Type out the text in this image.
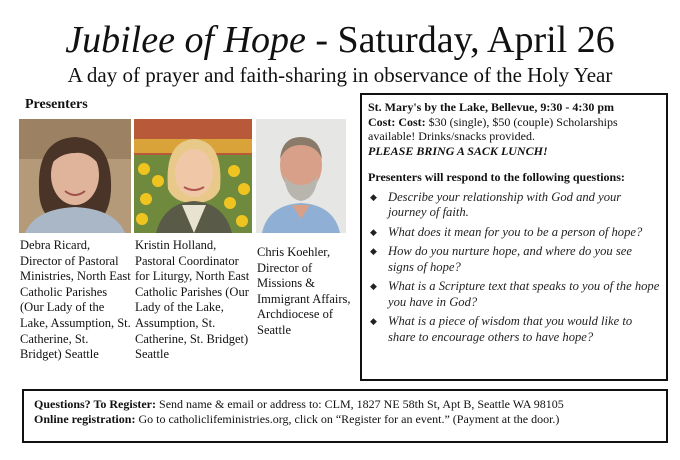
Jubilee of Hope - Saturday, April 26
A day of prayer and faith-sharing in observance of the Holy Year
Presenters
Debra Ricard, Director of Pastoral Ministries, North East Catholic Parishes (Our Lady of the Lake, Assumption, St. Catherine, St. Bridget) Seattle
Kristin Holland, Pastoral Coordinator for Liturgy, North East Catholic Parishes (Our Lady of the Lake, Assumption, St. Catherine, St. Bridget) Seattle
Chris Koehler, Director of Missions & Immigrant Affairs, Archdiocese of Seattle
St. Mary's by the Lake, Bellevue, 9:30 - 4:30 pm
Cost: Cost: $30 (single), $50 (couple) Scholarships available! Drinks/snacks provided.
PLEASE BRING A SACK LUNCH!
Presenters will respond to the following questions:
◆ Describe your relationship with God and your journey of faith.
◆ What does it mean for you to be a person of hope?
◆ How do you nurture hope, and where do you see signs of hope?
◆ What is a Scripture text that speaks to you of the hope you have in God?
◆ What is a piece of wisdom that you would like to share to encourage others to have hope?
Questions? To Register: Send name & email or address to: CLM, 1827 NE 58th St, Apt B, Seattle WA 98105
Online registration: Go to catholiclifeministries.org, click on “Register for an event.” (Payment at the door.)
